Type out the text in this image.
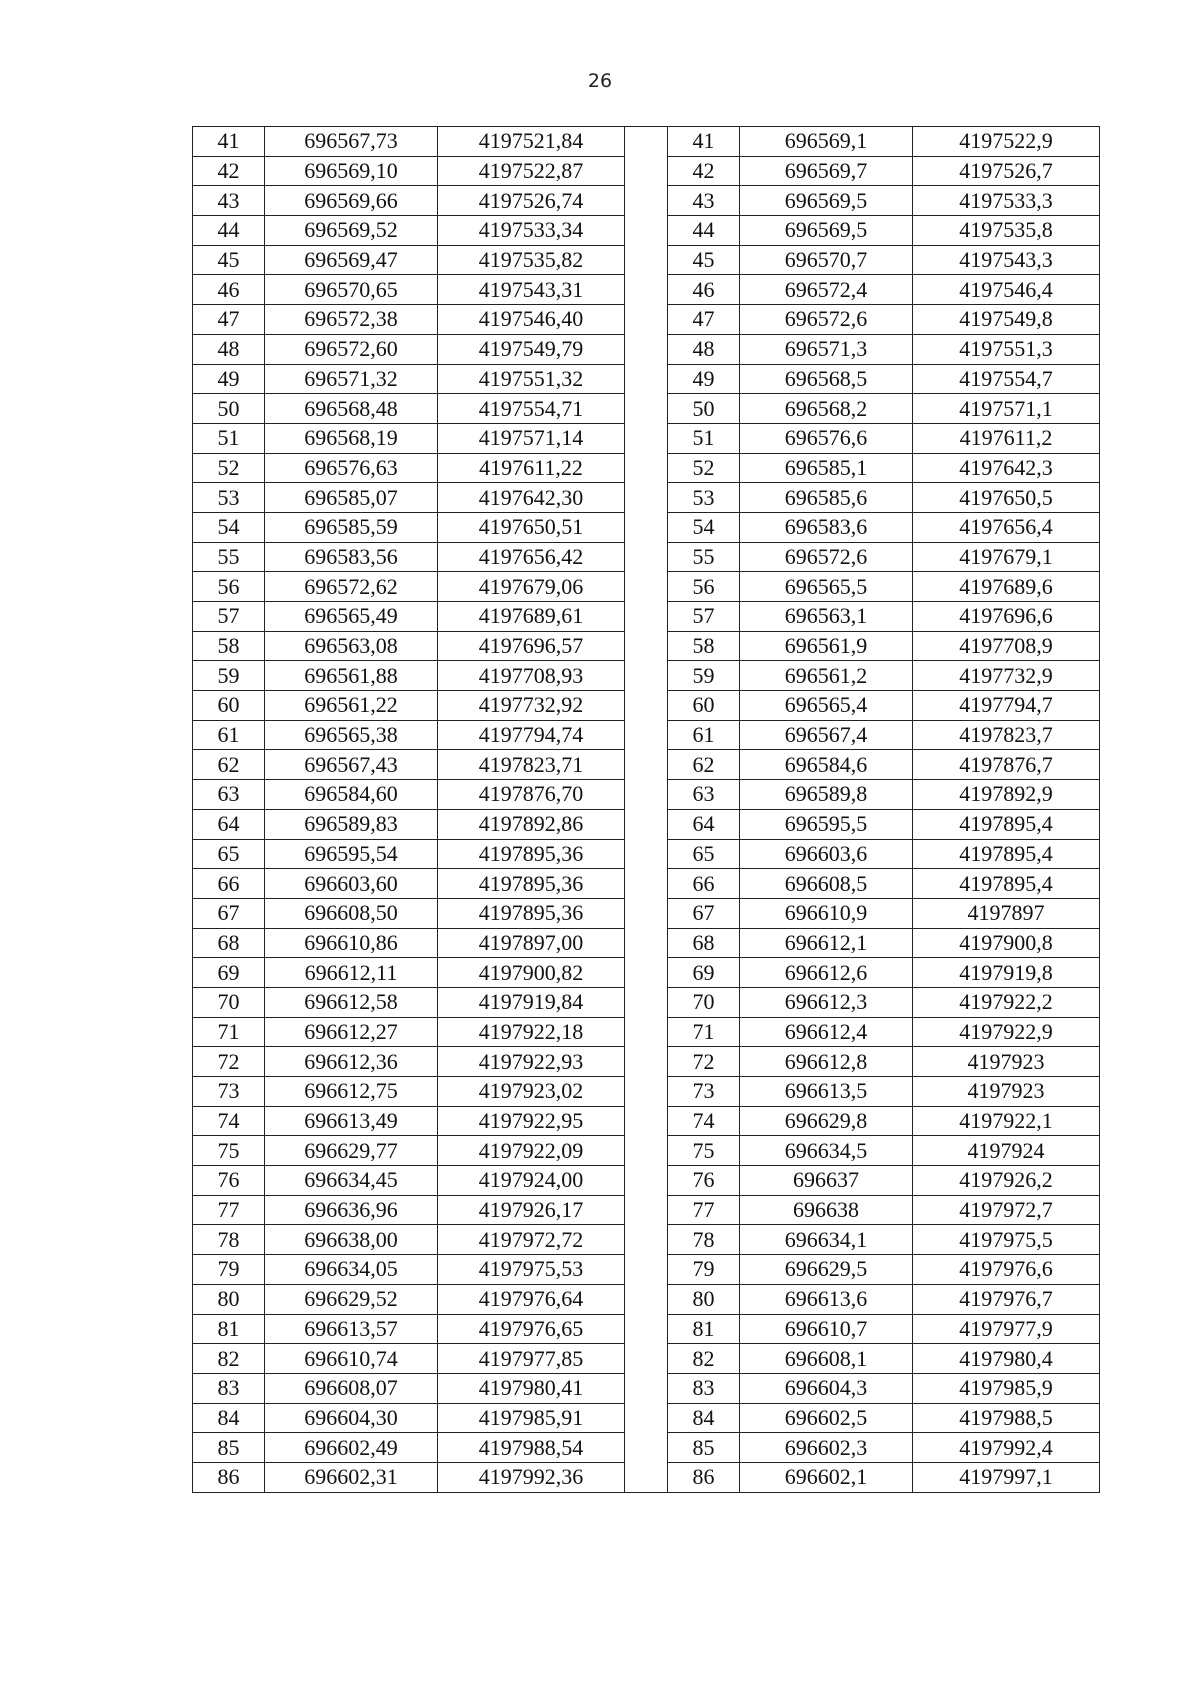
26
41	696567,73	4197521,84		41	696569,1	4197522,9
42	696569,10	4197522,87		42	696569,7	4197526,7
43	696569,66	4197526,74		43	696569,5	4197533,3
44	696569,52	4197533,34		44	696569,5	4197535,8
45	696569,47	4197535,82		45	696570,7	4197543,3
46	696570,65	4197543,31		46	696572,4	4197546,4
47	696572,38	4197546,40		47	696572,6	4197549,8
48	696572,60	4197549,79		48	696571,3	4197551,3
49	696571,32	4197551,32		49	696568,5	4197554,7
50	696568,48	4197554,71		50	696568,2	4197571,1
51	696568,19	4197571,14		51	696576,6	4197611,2
52	696576,63	4197611,22		52	696585,1	4197642,3
53	696585,07	4197642,30		53	696585,6	4197650,5
54	696585,59	4197650,51		54	696583,6	4197656,4
55	696583,56	4197656,42		55	696572,6	4197679,1
56	696572,62	4197679,06		56	696565,5	4197689,6
57	696565,49	4197689,61		57	696563,1	4197696,6
58	696563,08	4197696,57		58	696561,9	4197708,9
59	696561,88	4197708,93		59	696561,2	4197732,9
60	696561,22	4197732,92		60	696565,4	4197794,7
61	696565,38	4197794,74		61	696567,4	4197823,7
62	696567,43	4197823,71		62	696584,6	4197876,7
63	696584,60	4197876,70		63	696589,8	4197892,9
64	696589,83	4197892,86		64	696595,5	4197895,4
65	696595,54	4197895,36		65	696603,6	4197895,4
66	696603,60	4197895,36		66	696608,5	4197895,4
67	696608,50	4197895,36		67	696610,9	4197897
68	696610,86	4197897,00		68	696612,1	4197900,8
69	696612,11	4197900,82		69	696612,6	4197919,8
70	696612,58	4197919,84		70	696612,3	4197922,2
71	696612,27	4197922,18		71	696612,4	4197922,9
72	696612,36	4197922,93		72	696612,8	4197923
73	696612,75	4197923,02		73	696613,5	4197923
74	696613,49	4197922,95		74	696629,8	4197922,1
75	696629,77	4197922,09		75	696634,5	4197924
76	696634,45	4197924,00		76	696637	4197926,2
77	696636,96	4197926,17		77	696638	4197972,7
78	696638,00	4197972,72		78	696634,1	4197975,5
79	696634,05	4197975,53		79	696629,5	4197976,6
80	696629,52	4197976,64		80	696613,6	4197976,7
81	696613,57	4197976,65		81	696610,7	4197977,9
82	696610,74	4197977,85		82	696608,1	4197980,4
83	696608,07	4197980,41		83	696604,3	4197985,9
84	696604,30	4197985,91		84	696602,5	4197988,5
85	696602,49	4197988,54		85	696602,3	4197992,4
86	696602,31	4197992,36		86	696602,1	4197997,1
